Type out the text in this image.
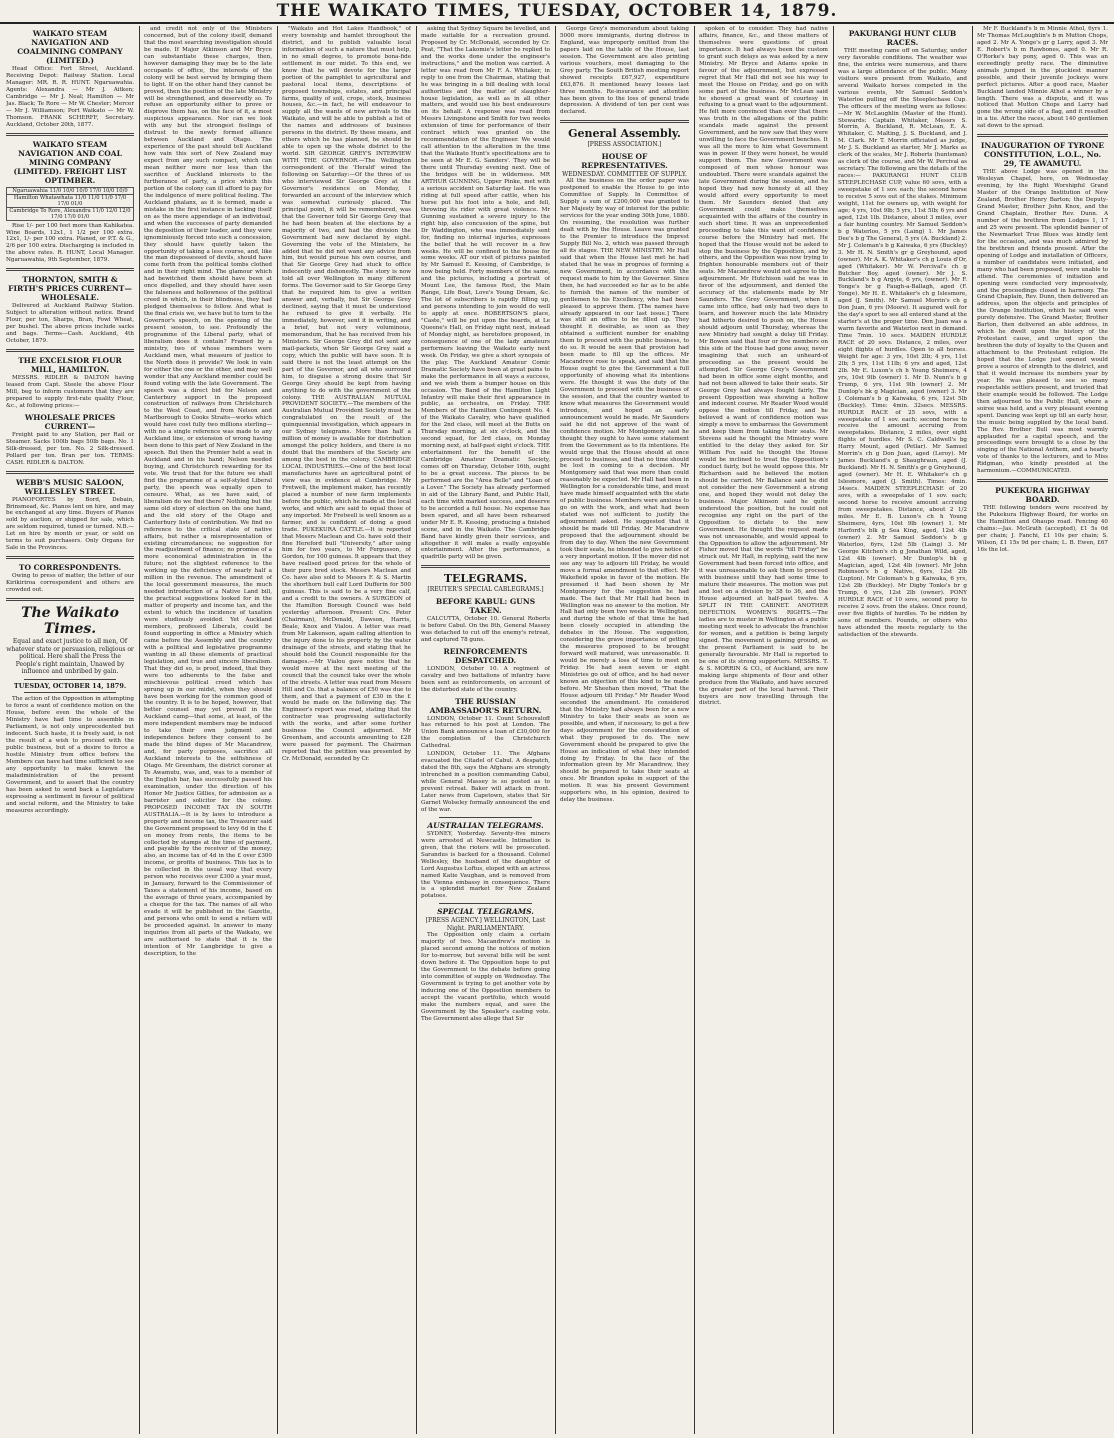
THE WAIKATO TIMES, TUESDAY, OCTOBER 14, 1879.
WAIKATO STEAM NAVIGATION AND COALMINING COMPANY (LIMITED.)

Head Office: Fort Street, Auckland. Receiving Depot: Railway Station. Local Manager: MR. R. R. HUNT. Ngaruawahia. Agents: Alexandra — Mr J. Aitken; Cambridge — Mr J. Neal; Hamilton — Mr Jas. Black; Te Rore — Mr W. Chester; Mercer — Mr J. Williamson; Port Waikato — Mr W. Thomson. FRANK SCHERFF, Secretary. Auckland, October 20th, 1877.

WAIKATO STEAM NAVIGATION AND COAL MINING COMPANY (LIMITED). FREIGHT LIST OPTIMBER.
Ngaruawahia 11/0 10/0 10/0 17/0 10/0 10/0
Hamilton Whatawhata 11/0 11/0 11/0 17/0 17/0 01/0
Cambridge To Rore, Alexandra 11/0 12/0 12/0 17/0 17/0 01/0

Rise 1/- per 100 feet more than Kahikatea. Wine Boards, 12x1, 1 1/2 per 100 extra. 12x1, 1/- per 100 extra. Planed, or P.T. & G., 2/6 per 100 extra. Discharging is included in the above rates. R. HUNT, Local Manager. Ngaruawahia, 9th September, 1879.

THORNTON, SMITH & FIRTH'S PRICES CURRENT—WHOLESALE.

Delivered at Auckland Railway Station. Subject to alteration without notice. Brand Flour, per ton, Sharps, Bran, Fowl Wheat, per bushel. The above prices include sacks and bags. Terms—Cash. Auckland, 4th October, 1879.

THE EXCELSIOR FLOUR MILL, HAMILTON.

MESSRS. RIDLER & DALTON having leased from Capt. Steele the above Flour Mill, beg to inform customers that they are prepared to supply first-rate quality Flour, &c., at following prices:—

WHOLESALE PRICES CURRENT—

Freight paid to any Station, per Rail or Steamer. Sacks 100lb bags 50lb bags. No. 1 Silk-dressed, per ton. No. 2 Silk-dressed. Pollard per ton. Bran per ton. TERMS: CASH. RIDLER & DALTON.

WEBB'S MUSIC SALOON, WELLESLEY STREET.

PIANOFORTES by Bord, Debain, Brinsmead, &c. Pianos lent on hire, and may be exchanged at any time. Buyers of Pianos sold by auction, or shipped for sale, which are seldom required, tuned or turned. N.B.—Let on hire by month or year, or sold on terms to suit purchasers. Only Organs for Sale in the Provinces.

TO CORRESPONDENTS.

Owing to press of matter, the letter of our Kirikiriroa correspondent and others are crowded out.

The Waikato Times.
Equal and exact justice to all men, Of whatever state or persuasion, religious or political. Here shall the Press the People's right maintain, Unawed by influence and unbribed by gain.
TUESDAY, OCTOBER 14, 1879.

The action of the Opposition in attempting to force a want of confidence motion on the House, before even the whole of the Ministry have had time to assemble in Parliament, is not only unprecedented but indecent. Such haste, it is freely said, is not the result of a wish to proceed with the public business, but of a desire to force a hostile Ministry from office before the Members can have had time sufficient to see any opportunity to make known the maladministration of the present Government, and to assert that the country has been asked to send back a Legislature expressing a sentiment in favour of political and social reform, and the Ministry to take measures accordingly.

and credit not only of the Ministers concerned, but of the colony itself, demand that the most searching investigation should be made. If Major Atkinson and Mr Bryce can substantiate these charges, then, however damaging they may be to the late occupants of office, the interests of the colony will be best served by bringing them to light. If on the other hand they cannot be proved, then the position of the late Ministry will be strengthened, and deservedly so. To refuse an opportunity either to prove or disprove them has, on the face of it, a most suspicious appearance. Nor can we look with any but the strongest feelings of distrust to the newly formed alliance between Auckland and Otago. The experience of the past should tell Auckland how vain this sort of New Zealand may expect from any such compact, which can mean neither more nor less than the sacrifice of Auckland interests to the furtherance of party, a price which this portion of the colony can ill afford to pay for the indulgence of mere political feeling. The Auckland phalanx, as it is termed, made a mistake in the first instance in tacking itself on as the mere appendage of an individual, and when the successes of party demanded the deposition of their leader, and they were ignominiously forced into such a concession, they should have quietly taken the opportunity of taking a less course, and, like the man dispossessed of devils, should have come forth from the political tombs clothed and in their right mind. The glamour which had bewitched them should have been at once dispelled, and they should have seen the falseness and hollowness of the political creed in which, in their blindness, they had pledged themselves to follow. And what is the final crisis we, we have but to turn to the Governor's speech, on the opening of the present session, to see. Profoundly the programme of the Liberal party, what of liberalism does it contain? Framed by a ministry, two of whose members were Auckland men, what measure of justice to the North does it provide? We look in vain for either the one or the other, and may well wonder that any Auckland member could be found voting with the late Government. The speech was a direct bid for Nelson and Canterbury support in the proposed construction of railways from Christchurch to the West Coast, and from Nelson and Marlborough to Cooks Straits—works which would have cost fully two millions sterling—with no a single reference was made to any Auckland line, or extension of wrong having been done to this part of New Zealand in the speech. But then the Premier held a seat in Auckland and in his hand; Nelson needed buying, and Christchurch rewarding for its vote. We trust that for the future we shall find the programme of a self-styled Liberal party, the speech was equally open to censure. What, as we have said, of liberalism do we find there? Nothing but the same old story of election on the one hand, and the old story of the Otago and Canterbury lists of contribution. We find no reference to the critical state of native affairs, but rather a misrepresentation of existing circumstances; no suggestion for the readjustment of finance; no promise of a more economical administration in the future; not the slightest reference to the working up the deficiency of nearly half a million in the revenue. The amendment of the local government measures, the much needed introduction of a Native Land bill, the practical suggestions looked for in the matter of property and income tax, and the extent to which the incidence of taxation were studiously avoided. Yet Auckland members, professed Liberals, could be found supporting in office a Ministry which came before the Assembly and the country with a political and legislative programme wanting in all these elements of practical legislation, and true and sincere liberalism. That they did so, is proof, indeed, that they were too adherents to the false and mischievous political creed which has sprung up in our midst, when they should have been working for the common good of the country. It is to be hoped, however, that better counsel may yet prevail in the Auckland camp—that some, at least, of the more independent members may be induced to take their own judgment and independence before they consent to be made the blind dupes of Mr Macandrew, and, for party purposes, sacrifice all Auckland interests to the selfishness of Otago. Mr Greenham, the district coroner at Te Awamutu, was, and, was to a member of the English bar, has successfully passed his examination, under the direction of his Honor Mr Justice Gillies, for admission as a barrister and solicitor for the colony. PROPOSED INCOME TAX IN SOUTH AUSTRALIA.—It is by laws to introduce a property and income tax, the Treasurer said the Government proposed to levy 6d in the £ on money from rents, the items to be collected by stamps at the time of payment, and payable by the receiver of the money; also, an income tax of 4d in the £ over £300 income, or profits of business. This tax is to be collected in the usual way that every person who receives over £300 a year must, in January, forward to the Commissioner of Taxes a statement of his income, based on the average of three years, accompanied by a cheque for the tax. The names of all who evade it will be published in the Gazette, and persons who omit to send a return will be proceeded against. In answer to many inquiries from all parts of the Waikato, we are authorised to state that it is the intention of Mr Langbridge to give a description, to the

"Waikato and Hot Lakes Handbook," of every township and hamlet throughout the district, and to publish valuable local information of such a nature that must help, in no small degree, to promote bona-fide settlement in our midst. To this end, we know that he will devote for the larger portion of the pamphlet to agricultural and pastoral local items, descriptions of proposed townships, estates, and principal farms, quality of soil, crops, stock, business houses, &c.—in fact, he will endeavour to supply all the wants of new arrivals to the Waikato, and will be able to publish a list of the names and addresses of business persons in the district. By these means, and others which he has planned, he should be able to open up the whole district to the world. SIR GEORGE GREY'S INTERVIEW WITH THE GOVERNOR.—The Wellington correspondent of the 'Herald' wired the following on Saturday:—Of the three of us who interviewed Sir George Grey at the Governor's residence on Monday, I forwarded an account of the interview which was somewhat curiously placed. The principal point, it will be remembered, was that the Governor told Sir George Grey that he had been beaten at the elections by a majority of two, and had the division the Government had now declared by eight. Governing the vote of the Ministers, he added that he did not want any advice from him, but would pursue his own course, and that Sir George Grey had stuck to office indecently and dishonestly. The story is now told all over Wellington in many different forms. The Governor said to Sir George Grey that he required him to give a written answer and, verbally, but Sir George Grey declined, saying that it must be understood he refused to give it verbally. He immediately, however, sent it in writing, and a brief, but not very voluminous, memorandum, that he has received from his Ministers. Sir George Grey did not sent any mail-packets, when Sir George Grey said a copy, which the public will have soon. It is said there is not the least attempt on the part of the Governor, and all who surround him, to disguise a strong desire that Sir George Grey should be kept from having anything to do with the government of the colony. THE AUSTRALIAN MUTUAL PROVIDENT SOCIETY.—The members of the Australian Mutual Provident Society must be congratulated on the result of the quinquennial investigation, which appears in our Sydney telegrams. More than half a million of money is available for distribution amongst the policy holders, and there is no doubt that the members of the Society are among the best in the colony. CAMBRIDGE LOCAL INDUSTRIES.—One of the best local manufactures have an agricultural point of view was in evidence at Cambridge. Mr Fretwell, the implement maker, has recently placed a number of new farm implements before the public, which he made at the local works, and which are said to equal those of any imported. Mr Fretwell is well known as a farmer, and is confident of doing a good trade. PUKEKURA CATTLE.—It is reported that Messrs Maclean and Co. have sold their fine Hereford bull "University," after using him for two years, to Mr Fergusson, of Gordon, for 100 guineas. It appears that they have realised good prices for the whole of their pure bred stock. Messrs Maclean and Co. have also sold to Messrs F. & S. Martin the shorthorn bull calf Lord Dufferin for 500 guineas. This is said to be a very fine calf, and a credit to the owners. A SURGEON of the Hamilton Borough Council was held yesterday afternoon. Present: Crs. Peter (Chairman), McDonald, Dawson, Harris, Beale, Knox and Vialou. A letter was read from Mr Lakenson, again calling attention to the injury done to his property by the water drainage of the streets, and stating that he should hold the Council responsible for the damages.—Mr Vialou gave notice that he would move at the next meeting of the council that the council take over the whole of the streets. A letter was read from Messrs Hill and Co. that a balance of £50 was due to them, and that a payment of £30 in the £ would be made on the following day. The Engineer's report was read, stating that the contractor was progressing satisfactorily with the works, and after some further business the Council adjourned. Mr Greenham, and accounts amounting to £28 were passed for payment. The Chairman reported that the petition was presented by Cr. McDonald, seconded by Cr.

asking that Sydney Square be levelled, and made suitable for a recreation ground. Proposed by Cr. McDonald, seconded by Cr. Peat, "That the Lakomie's letter be replied to and the works done under the engineer's instructions," and the motion was carried. A letter was read from Mr F. A. Whitaker, in reply to one from the Chairman, stating that he was bringing in a bill dealing with local authorities and the matter of slaughter-house legislation, as well as in all other matters, and would use his best endeavours on its behalf. A response was read from Messrs Livingstone and Smith for two weeks extension of time for performance of their contract which was granted on the recommendation of the Engineer. We would call attention to the alteration in the time that the Waikato Hunt's specifications are to be seen at Mr E. G. Sanders'. They will be there until Thursday evening next. One of the bridges will be in wilderness. MR ARTHUR GUNNING, Upper Pinke, met with a serious accident on Saturday last. He was riding at full speed after cattle, when his horse put his foot into a hole, and fell, throwing its rider with great violence. Mr Gunning sustained a severe injury to the right hip, also concussion of the spine, but Dr Waddington, who was immediately sent for, finding no internal injuries, expresses the belief that he will recover in a few weeks. He will be confined to the house for some weeks. AT our visit of pictures painted by Mr Samuel E. Kessing, of Cambridge, is now being held. Forty members of the same, and the pictures, including a portrait of Mount Lee, the famous Rest, the Main Range, Life Boat, Love's Young Dream, &c. The lot of subscribers is rapidly filling up, and persons intending to join would do well to apply at once. ROBERTSON'S place, "Caste," will be put upon the boards, at Le Queene's Hall, on Friday night next, instead of Monday night, as heretofore proposed, in consequence of one of the lady amateurs performers leaving the Waikato early next week. On Friday, we give a short synopsis of the play. The Auckland Amateur Comic Dramatic Society have been at great pains to make the performance in all ways a success, and we wish them a bumper house on this occasion. The Band of the Hamilton Light Infantry will make their first appearance in public, as orchestra, on Friday. THE Members of the Hamilton Contingent No. 4 of the Waikato Cavalry, who have qualified for the 2nd class, will meet at the Butts on Thursday morning, at six o'clock, and the second squad, for 3rd class, on Monday morning next, at half-past eight o'clock. THE entertainment for the benefit of the Cambridge Amateur Dramatic Society, comes off on Thursday, October 16th, ought to be a great success. The pieces to be performed are the "Area Belle" and "Loan of a Lover." The Society has already performed in aid of the Library Band, and Public Hall, each time with marked success, and deserve to be accorded a full house. No expense has been spared, and all have been rehearsed under Mr E. R. Kessing, producing a finished scene, and in the Waikato. The Cambridge Band have kindly given their services, and altogether it will make a really enjoyable entertainment. After the performance, a quadrille party will be given.

TELEGRAMS.
[REUTER'S SPECIAL CABLEGRAMS.]
BEFORE KABUL: GUNS TAKEN.

CALCUTTA, October 10. General Roberts is before Cabul. On the 8th, General Massey was detached to cut off the enemy's retreat, and captured 78 guns.

REINFORCEMENTS DESPATCHED.

LONDON, October 10. A regiment of cavalry and two battalions of infantry have been sent as reinforcements, on account of the disturbed state of the country.

THE RUSSIAN AMBASSADOR'S RETURN.

LONDON, October 11. Count Schouvaloff has returned to his post at London. The Union Bank announces a loan of £30,000 for the completion of the Christchurch Cathedral.

LONDON, October 11. The Afghans evacuated the Citadel of Cabul. A despatch, dated the 8th, says the Afghans are strongly intrenched in a position commanding Cabul, while General Massey is so posted as to prevent retreat. Baker will attack in front. Later news from Capetown, states that Sir Garnet Wolseley formally announced the end of the war.

AUSTRALIAN TELEGRAMS.

SYDNEY, Yesterday. Seventy-five miners were arrested at Newcastle. Intimation is given, that the rioters will be prosecuted. Sarandus is backed for a thousand. Colonel Wellesley, the husband of the daughter of Lord Augustus Loftus, eloped with an actress named Katie Vaughan, and is removed from the Vienna embassy in consequence. There is a splendid market for New Zealand potatoes.

SPECIAL TELEGRAMS.
[PRESS AGENCY.] WELLINGTON, Last Night. PARLIAMENTARY.

The Opposition only claim a certain majority of two. Macandrew's motion is placed second among the notices of motion for to-morrow, but several bills will be sent down before it. The Opposition hope to put the Government to the debate before going into committee of supply on Wednesday. The Government is trying to get another vote by inducing one of the Opposition members to accept the vacant portfolio, which would make the numbers equal, and save the Government by the Speaker's casting vote. The Government also allege that Sir

George Grey's memorandum about taking 5000 more immigrants, during distress in England, was improperly omitted from the papers laid on the table of the House, last session. The Government are also printing various vouchers, most damaging to the Grey party. The South British meeting report showed receipts £67,927, expenditure £63,876. It mentioned heavy losses last three months. Re-insurance and attention has been given to the loss of general trade depression. A dividend of ten per cent was declared.

General Assembly.
[PRESS ASSOCIATION.]
HOUSE OF REPRESENTATIVES.
WEDNESDAY. COMMITTEE OF SUPPLY.

All the business on the order paper was postponed to enable the House to go into Committee of Supply. In Committee of Supply a sum of £200,000 was granted to her Majesty by way of interest for the public services for the year ending 30th June, 1880. On resuming, the resolution was further dealt with by the House. Leave was granted to the Premier to introduce the Imprest Supply Bill No. 2, which was passed through all its stages. THE NEW MINISTRY. Mr Hall said that when the House last met he had stated that he was in progress of forming a new Government, in accordance with the request made to him by the Governor. Since then, he had succeeded so far as to be able to furnish the names of the number of gentlemen to his Excellency, who had been pleased to approve them. [The names have already appeared in our last issue.] There was still an office to be filled up. They thought it desirable, as soon as they obtained a sufficient number for enabling them to proceed with the public business, to do so. It would be seen that provision had been made to fill up the offices. Mr Macandrew rose to speak, and said that the House ought to give the Government a full opportunity of showing what its intentions were. He thought it was the duty of the Government to proceed with the business of the session, and that the country wanted to know what measures the Government would introduce, and hoped an early announcement would be made. Mr Saunders said he did not approve of the want of confidence motion. Mr Montgomery said he thought they ought to have some statement from the Government as to its intentions. He would urge that the House should at once proceed to business, and that no time should be lost in coming to a decision. Mr Montgomery said that was more than could reasonably be expected. Mr Hall had been in Wellington for a considerable time, and must have made himself acquainted with the state of public business. Members were anxious to go on with the work, and what had been stated was not sufficient to justify the adjournment asked. He suggested that it should be made till Friday. Mr Macandrew proposed that the adjournment should be from day to day. When the new Government took their seats, he intended to give notice of a very important motion. If the mover did not see any way to adjourn till Friday, he would move a formal amendment to that effect. Mr Wakefield spoke in favor of the motion. He presumed it had been shown by Mr Montgomery for the suggestion he had made. The fact that Mr Hall had been in Wellington was no answer to the motion. Mr Hall had only been two weeks in Wellington, and during the whole of that time he had been closely occupied in attending the debates in the House. The suggestion, considering the grave importance of getting the measures proposed to be brought forward well matured, was unreasonable. It would be merely a loss of time to meet on Friday. He had seen seven or eight Ministries go out of office, and he had never known an objection of this kind to be made before. Mr Sheehan then moved, "That the House adjourn till Friday." Mr Reader Wood seconded the amendment. He considered that the Ministry had always been for a new Ministry to take their seats as soon as possible, and when, if necessary, to get a few days adjournment for the consideration of what they proposed to do. The new Government should be prepared to give the House an indication of what they intended doing by Friday. In the face of the information given by Mr Macandrew, they should be prepared to take their seats at once. Mr Brandon spoke in support of the motion. It was his present Government supporters who, in his opinion, desired to delay the business.

spoken of to consider. They had native affairs, finance, &c., and these matters of themselves were questions of great importance. It had always been the custom to grant such delays as was asked by a new Ministry. Mr Bryce and Adams spoke in favour of the adjournment, but expressed regret that Mr Hall did not see his way to meet the House on Friday, and go on with some part of the business. Mr McLean said he showed a great want of courtesy in refusing to a great want to the adjournment. He felt more convinced than ever that there was truth in the allegations of the public scandals made against the present Government, and he now saw that they were unwilling to face the Government benches. It was all the more to him what Government was in power. If they were honest, he would support them. The new Government was composed of men whose honour was undoubted. There were scandals against the late Government during the session, and he hoped they had now honesty at all they would afford every opportunity to meet them. Mr Saunders denied that any Government could make themselves acquainted with the affairs of the country in such short time. It was an unprecedented proceeding to take this want of confidence course before the Ministry had met. He hoped that the House would not be asked to stop the business by the Opposition, and by others, and the Opposition was now trying to frighten honourable members out of their seats. Mr Macandrew would not agree to the adjournment. Mr Hutchison said he was in favor of the adjournment, and denied the accuracy of the statements made by Mr Saunders. The Grey Government, when it came into office, had only had two days to learn, and however much the late Ministry had hitherto desired to push on, the House should adjourn until Thursday, whereas the new Ministry had sought a delay till Friday. Mr Bowen said that four or five members on this side of the House had gone away, never imagining that such an unheard-of proceeding as the present would be attempted. Sir George Grey's Government had been in office some eight months, and had not been allowed to take their seats. Sir George Grey had always fought fairly. The present Opposition was showing a hollow and indecent course. Mr Reader Wood would oppose the motion till Friday, and he believed a want of confidence motion was simply a move to embarrass the Government and keep them from taking their seats. Mr Stevens said he thought the Ministry were entitled to the delay they asked for. Sir William Fox said he thought the House would be inclined to treat the Opposition's conduct fairly, but he would oppose this. Mr Richardson said he believed the motion should be carried. Mr Ballance said he did not consider the new Government a strong one, and hoped they would not delay the business. Major Atkinson said he quite understood the position, but he could not recognise any right on the part of the Opposition to dictate to the new Government. He thought the request made was not unreasonable, and would appeal to the Opposition to allow the adjournment. Mr Fisher moved that the words "till Friday" be struck out. Mr Hall, in replying, said the new Government had been forced into office, and it was unreasonable to ask them to proceed with business until they had some time to mature their measures. The motion was put and lost on a division by 38 to 36, and the House adjourned at half-past twelve. A SPLIT IN THE CABINET. ANOTHER DEFECTION. WOMEN'S RIGHTS.—The ladies are to muster in Wellington at a public meeting next week to advocate the franchise for women, and a petition is being largely signed. The movement is gaining ground, as the present Parliament is said to be generally favourable. Mr Hall is reported to be one of its strong supporters. MESSRS. T. & S. MORRIN & CO., of Auckland, are now making large shipments of flour and other produce from the Waikato, and have secured the greater part of the local harvest. Their buyers are now travelling through the district.

PAKURANGI HUNT CLUB RACES.

THE meeting came off on Saturday, under very favorable conditions. The weather was fine, the entries were numerous, and there was a large attendance of the public. Many visitors were present from Waikato, and several Waikato horses competed in the various events, Mr Samuel Seddon's Waterloo pulling off the Steeplechase Cup. The officers of the meeting were as follows:—Mr W. McLaughlin (Master of the Hunt). Stewards: Captain Whitaker, Messrs S. Morrin, A. Buckland, R. McLean, E. A. Whitaker, C. Malting, J. S. Buckland, and J. M. Clark. Mr T. Morrin officiated as judge, Mr J. S. Buckland as starter, Mr J. Marks as clerk of the scales, Mr J. Roberts (huntsman) as clerk of the course, and Mr W. Percival as secretary. The following are the details of the races:— PAKURANGI HUNT CLUB STEEPLECHASE CUP, value 60 sovs, with a sweepstake of 1 sov. each; the second horse to receive 5 sovs out of the stakes. Minimum weight, 11st for owners up, with weight for age; 4 yrs, 10st 9lb; 5 yrs, 11st 5lb; 6 yrs and aged, 12st 1lb. Distance, about 3 miles, over a fair hunting country. Mr Samuel Seddon's b g Waterloo, 5 yrs (Laing) 1. Mr James Dee's b g The General, 5 yrs (A. Buckland) 2. Mr J. Coleman's b g Kaiwaka, 6 yrs (Buckley) 3. Mr H. N. Smith's gr g Greyhound, aged (owner). Mr A. K. Whitaker's ch g Louis d'Or, aged (Whitaker). Mr W. Percival's ch g Butcher Boy, aged (owner). Mr J. S. Buckland's b g Argyle, 6 yrs, (owner). Mr F. Yonge's br g Faugh-a-Ballagh, aged (F. Yonge). Mr H. E. Whitaker's ch g Islesmore, aged (J. Smith). Mr Samuel Morrin's ch g Don Juan, 6 yrs (Moore). It augured well for the day's sport to see all entered stand at the starter's at the proper time. Don Juan was a warm favorite and Waterloo next in demand. Time 7min. 10 secs. MAIDEN HURDLE RACE of 20 sovs. Distance, 2 miles, over eight flights of hurdles. Open to all horses. Weight for age: 3 yrs, 10st 2lb; 4 yrs, 11st 2lb; 5 yrs, 11st 11lb; 6 yrs and aged, 12st 2lb. Mr E. Luxon's ch h Young Sheimere, 4 yrs, 10st 9lb (owner) 1. Mr D. Nunn's b g Trump, 6 yrs, 11st 9lb (owner) 2. Mr Dunlop's bk g Magician, aged (owner) 3. Mr J. Coleman's b g Kaiwaka, 6 yrs, 12st 5lb (Buckley). Time: 4min. 32secs. MESSRS. HURDLE RACE of 25 sovs, with a sweepstake of 1 sov. each; second horse to receive the amount accruing from sweepstakes. Distance, 2 miles, over eight flights of hurdles. Mr S. C. Caldwell's bg Harry Mount, aged (Petlar). Mr Samuel Morrin's ch g Don Juan, aged (Leroy). Mr James Buckland's g Shaughraun, aged (J. Buckland). Mr H. N. Smith's gr g Greyhound, aged (owner). Mr H. E. Whitaker's ch g Islesmore, aged (J. Smith). Times: 4min. 34secs. MAIDEN STEEPLECHASE of 20 sovs, with a sweepstake of 1 sov. each; second horse to receive amount accruing from sweepstakes. Distance, about 2 1/2 miles. Mr E. B. Luxon's ch h Young Sheimere, 4yrs, 10st 9lb (owner) 1. Mr Harford's blk g Sea King, aged, 12st 4lb (owner) 2. Mr Samuel Seddon's b g Waterloo, 6yrs, 12st 5lb (Laing) 3. Mr George Kitchen's ch g Jonathan Wild, aged, 12st 4lb (owner). Mr Dunlop's bk g Magician, aged, 12st 4lb (owner). Mr John Robinson's b g Native, 6yrs, 12st 2lb (Lupton). Mr Coleman's b g Kaiwaka, 6 yrs, 12st 2lb (Buckley). Mr Digby Tonks's br g Trump, 6 yrs, 12st 2lb (owner). PONY HURDLE RACE of 10 sovs, second pony to receive 2 sovs. from the stakes. Once round, over five flights of hurdles. To be ridden by sons of members. Pounds, or others who have attended the meets regularly to the satisfaction of the stewards.

Mr F. Buckland's b m Minnie Athol, 6yrs 1. Mr Thomas McLoughlin's b m Mutton Chops, aged 2. Mr A. Yonge's gr g Larry, aged 3. Mr E. Robert's b m Rawbones, aged 0. Mr R. O'Rorke's bay pony, aged 0. This was an exceedingly pretty race. The diminutive animals jumped in the pluckiest manner possible, and their juvenile jockeys were perfect pictures. After a good race, Master Buckland landed Minnie Athol a winner by a length. There was a dispute, and it was noticed that Mutton Chops and Larry had gone the wrong side of a flag, and it resulted in a tie. After the races, about 140 gentlemen sat down to the spread.

INAUGURATION OF TYRONE CONSTITUTION, L.O.L., No. 29, TE AWAMUTU.

THE above Lodge was opened in the Wesleyan Chapel, here, on Wednesday evening, by the Right Worshipful Grand Master of the Orange Institution of New Zealand, Brother Henry Barton; the Deputy-Grand Master, Brother John Knox, and the Grand Chaplain, Brother Rev. Dunn. A number of the brethren from Lodges 1, 17 and 25 were present. The splendid banner of the Newmarket True Blues was kindly lent for the occasion, and was much admired by the brethren and friends present. After the opening of Lodge and installation of Officers, a number of candidates were initiated, and many who had been proposed, were unable to attend. The ceremonies of initiation and opening were conducted very impressively, and the proceedings closed in harmony. The Grand Chaplain, Rev. Dunn, then delivered an address, upon the objects and principles of the Orange Institution, which he said were purely defensive. The Grand Master, Brother Barton, then delivered an able address, in which he dwelt upon the history of the Protestant cause, and urged upon the brethren the duty of loyalty to the Queen and attachment to the Protestant religion. He hoped that the Lodge just opened would prove a source of strength to the district, and that it would increase its numbers year by year. He was pleased to see so many respectable settlers present, and trusted that their example would be followed. The Lodge then adjourned to the Public Hall, where a soiree was held, and a very pleasant evening spent. Dancing was kept up till an early hour, the music being supplied by the local band. The Rev. Brother Bull was most warmly applauded for a capital speech, and the proceedings were brought to a close by the singing of the National Anthem, and a hearty vote of thanks to the lecturers, and to Miss Ridgman, who kindly presided at the harmonium.—COMMUNICATED.

PUKEKURA HIGHWAY BOARD.

THE following tenders were received by the Pukekura Highway Board, for works on the Hamilton and Ohaupo road. Fencing 40 chains:—Jas. McGrath (accepted), £1 5s 0d per chain; J. Fanchi, £1 10s per chain; S. Wilson, £1 15s 9d per chain; L. B. Ewen, £67 16s the lot.
